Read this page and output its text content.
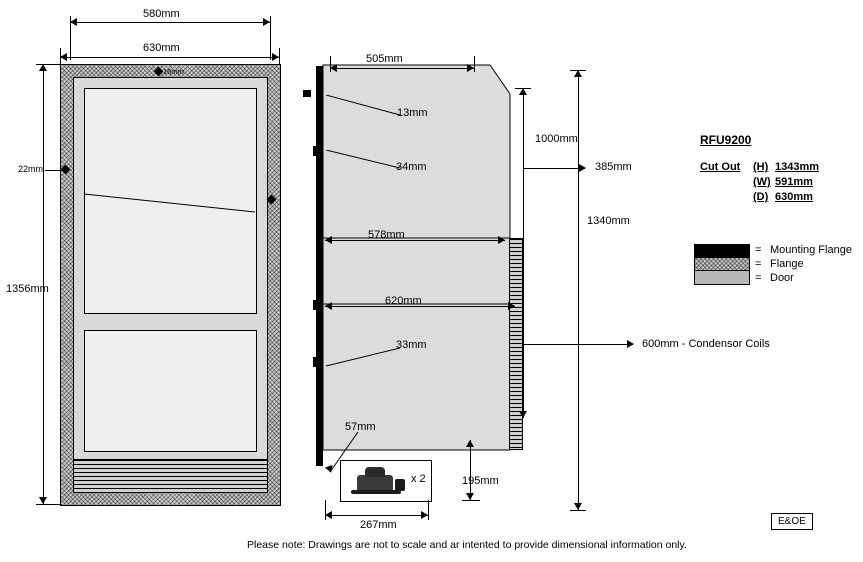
580mm
630mm
16mm
22mm
1356mm
505mm
13mm
34mm
578mm
620mm
33mm
57mm
x 2
267mm
195mm
1000mm
385mm
1340mm
600mm - Condensor Coils
RFU9200
Cut Out (H) 1343mm
(W) 591mm
(D) 630mm
= Mounting Flange
= Flange
= Door
E&OE
Please note: Drawings are not to scale and ar intented to provide dimensional information only.
